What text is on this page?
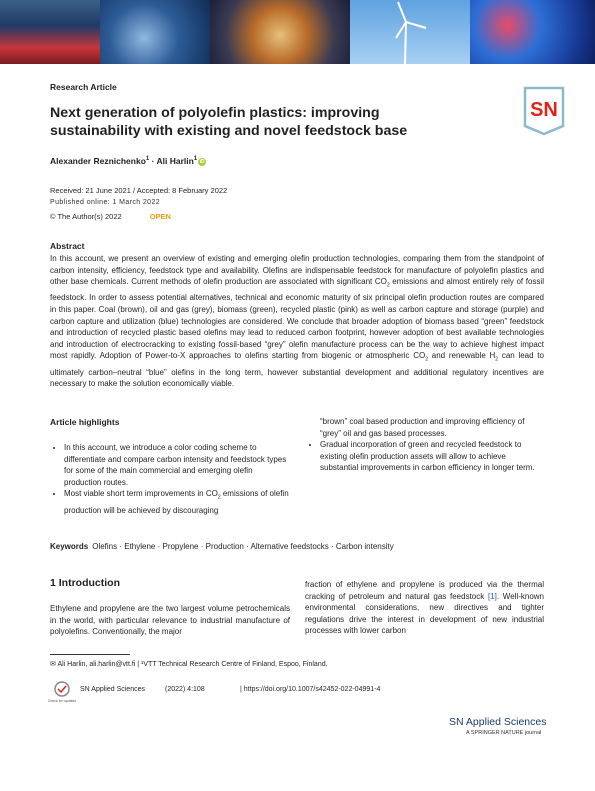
Research Article
Next generation of polyolefin plastics: improving sustainability with existing and novel feedstock base
SN
Alexander Reznichenko$^1$ · Ali Harlin$^1$ iD
Received: 21 June 2021 / Accepted: 8 February 2022
Published online: 1 March 2022
© The Author(s) 2022	OPEN
Abstract
In this account, we present an overview of existing and emerging olefin production technologies, comparing them from the standpoint of carbon intensity, efficiency, feedstock type and availability. Olefins are indispensable feedstock for manufacture of polyolefin plastics and other base chemicals. Current methods of olefin production are associated with significant $CO_2$ emissions and almost entirely rely of fossil feedstock. In order to assess potential alternatives, technical and economic maturity of six principal olefin production routes are compared in this paper. Coal (brown), oil and gas (grey), biomass (green), recycled plastic (pink) as well as carbon capture and storage (purple) and carbon capture and utilization (blue) technologies are considered. We conclude that broader adoption of biomass based “green” feedstock and introduction of recycled plastic based olefins may lead to reduced carbon footprint, however adoption of best available technologies and introduction of electrocracking to existing fossil-based “grey” olefin manufacture process can be the way to achieve highest impact most rapidly. Adoption of Power-to-X approaches to olefins starting from biogenic or atmospheric $CO_2$ and renewable $H_2$ can lead to ultimately carbon–neutral “blue” olefins in the long term, however substantial development and additional regulatory incentives are necessary to make the solution economically viable.
Article highlights
• In this account, we introduce a color coding scheme to differentiate and compare carbon intensity and feedstock types for some of the main commercial and emerging olefin production routes.
• Most viable short term improvements in $CO_2$ emissions of olefin production will be achieved by discouraging
“brown” coal based production and improving efficiency of “grey” oil and gas based processes.
• Gradual incorporation of green and recycled feedstock to existing olefin production assets will allow to achieve substantial improvements in carbon efficiency in longer term.
Keywords Olefins · Ethylene · Propylene · Production · Alternative feedstocks · Carbon intensity
1 Introduction
Ethylene and propylene are the two largest volume petrochemicals in the world, with particular relevance to industrial manufacture of polyolefins. Conventionally, the major
fraction of ethylene and propylene is produced via the thermal cracking of petroleum and natural gas feedstock [1]. Well-known environmental considerations, new directives and tighter regulations drive the interest in development of new industrial processes with lower carbon
✉ Ali Harlin, ali.harlin@vtt.fi | ¹VTT Technical Research Centre of Finland, Espoo, Finland.
Check for updates
SN Applied Sciences	(2022) 4:108	| https://doi.org/10.1007/s42452-022-04991-4
SN Applied Sciences
A SPRINGER NATURE journal
